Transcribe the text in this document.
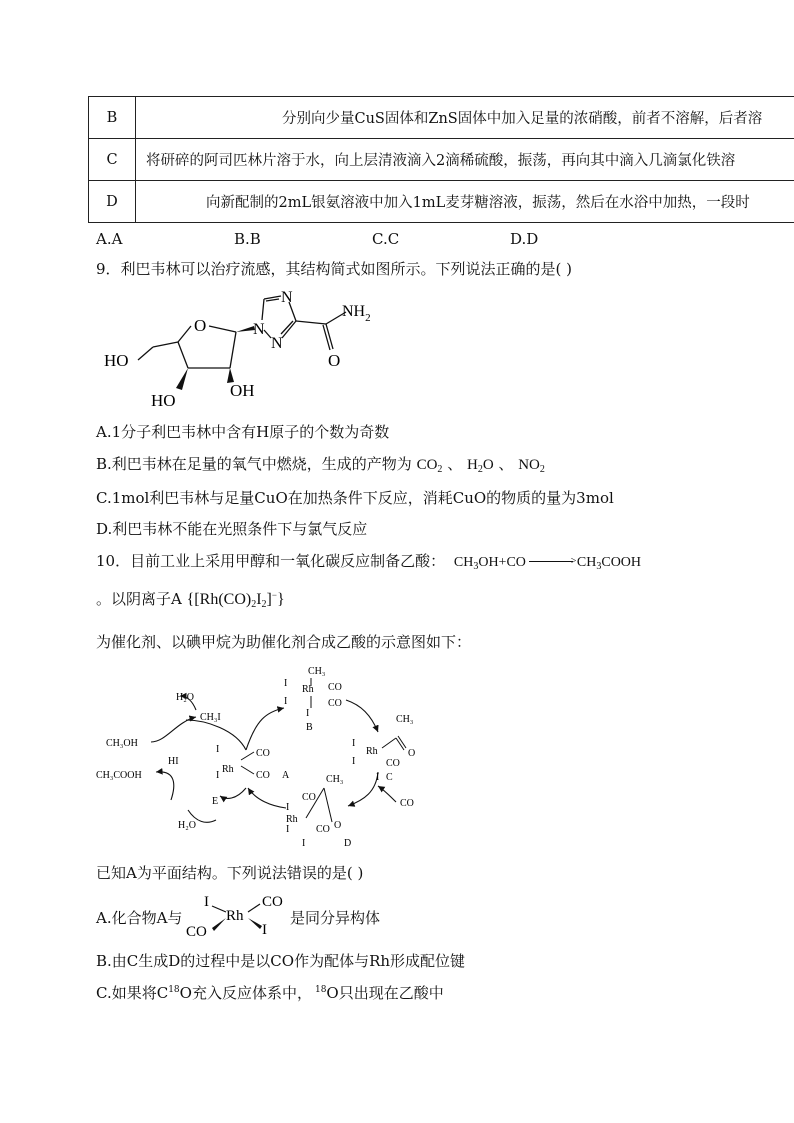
B	分别向少量CuS固体和ZnS固体中加入足量的浓硝酸，前者不溶解，后者溶
C	将研碎的阿司匹林片溶于水，向上层清液滴入2滴稀硫酸，振荡，再向其中滴入几滴氯化铁溶
D	向新配制的2mL银氨溶液中加入1mL麦芽糖溶液，振荡，然后在水浴中加热，一段时
A.A	B.B	C.C	D.D
9．利巴韦林可以治疗流感，其结构简式如图所示。下列说法正确的是( )
O
HO
HO
OH
N
N
N
$NH_2$
O
A.1分子利巴韦林中含有H原子的个数为奇数
B.利巴韦林在足量的氧气中燃烧，生成的产物为 $CO_2$ 、 $H_2O$ 、 $NO_2$
C.1mol利巴韦林与足量CuO在加热条件下反应，消耗CuO的物质的量为3mol
D.利巴韦林不能在光照条件下与氯气反应
10．目前工业上采用甲醇和一氧化碳反应制备乙酸： $CH_3OH+CO$	> $CH_3COOH$
。以阴离子A $\{[Rh(CO)_2I_2]^-\}$
为催化剂、以碘甲烷为助催化剂合成乙酸的示意图如下：
H₂O
CH₃I
CH₃OH
HI
CH₃COOH
E
H₂O
CO
I
Rh
I
CO
CO A
CH₃
I
Rh CO
I	CO
I
B
CH₃
I
Rh
I
O
CO
I C
CH₃
CO
I
Rh
O
CO
I
I	D
已知A为平面结构。下列说法错误的是( )
A.化合物A与
I
Rh
CO
CO	I
是同分异构体
B.由C生成D的过程中是以CO作为配体与Rh形成配位键
C.如果将$C^{18}O$充入反应体系中， $^{18}$O只出现在乙酸中
